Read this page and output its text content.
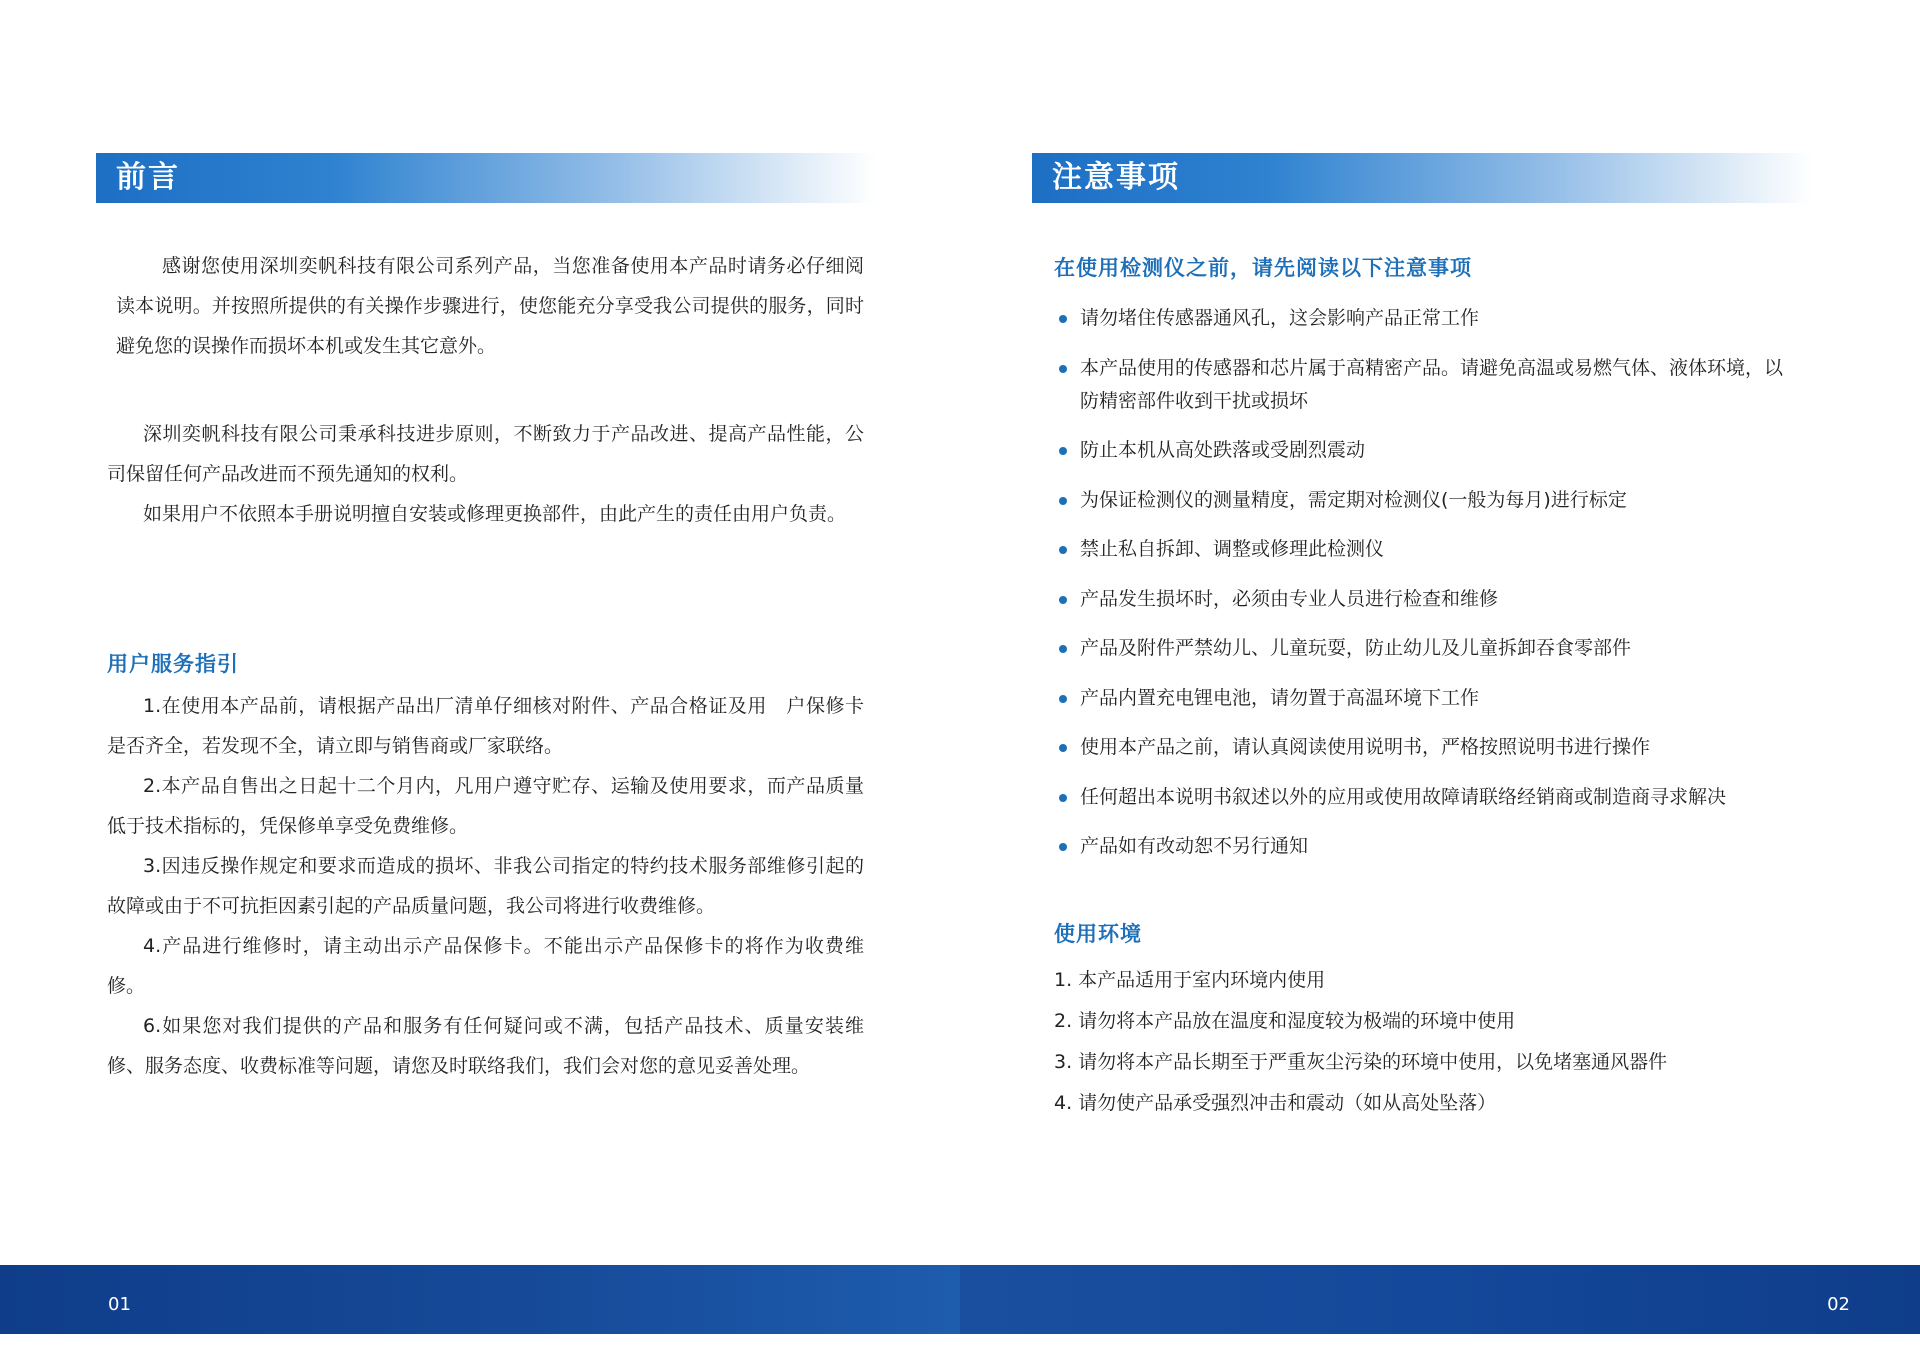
前言

感谢您使用深圳奕帆科技有限公司系列产品，当您准备使用本产品时请务必仔细阅读本说明。并按照所提供的有关操作步骤进行，使您能充分享受我公司提供的服务，同时避免您的误操作而损坏本机或发生其它意外。

深圳奕帆科技有限公司秉承科技进步原则，不断致力于产品改进、提高产品性能，公司保留任何产品改进而不预先通知的权利。

如果用户不依照本手册说明擅自安装或修理更换部件，由此产生的责任由用户负责。

用户服务指引

1.在使用本产品前，请根据产品出厂清单仔细核对附件、产品合格证及用　户保修卡是否齐全，若发现不全，请立即与销售商或厂家联络。

2.本产品自售出之日起十二个月内，凡用户遵守贮存、运输及使用要求，而产品质量低于技术指标的，凭保修单享受免费维修。

3.因违反操作规定和要求而造成的损坏、非我公司指定的特约技术服务部维修引起的故障或由于不可抗拒因素引起的产品质量问题，我公司将进行收费维修。

4.产品进行维修时，请主动出示产品保修卡。不能出示产品保修卡的将作为收费维修。

6.如果您对我们提供的产品和服务有任何疑问或不满，包括产品技术、质量安装维修、服务态度、收费标准等问题，请您及时联络我们，我们会对您的意见妥善处理。

01
注意事项
在使用检测仪之前，请先阅读以下注意事项
请勿堵住传感器通风孔，这会影响产品正常工作
本产品使用的传感器和芯片属于高精密产品。请避免高温或易燃气体、液体环境，以防精密部件收到干扰或损坏
防止本机从高处跌落或受剧烈震动
为保证检测仪的测量精度，需定期对检测仪(一般为每月)进行标定
禁止私自拆卸、调整或修理此检测仪
产品发生损坏时，必须由专业人员进行检查和维修
产品及附件严禁幼儿、儿童玩耍，防止幼儿及儿童拆卸吞食零部件
产品内置充电锂电池，请勿置于高温环境下工作
使用本产品之前，请认真阅读使用说明书，严格按照说明书进行操作
任何超出本说明书叙述以外的应用或使用故障请联络经销商或制造商寻求解决
产品如有改动恕不另行通知
使用环境
1. 本产品适用于室内环境内使用
2. 请勿将本产品放在温度和湿度较为极端的环境中使用
3. 请勿将本产品长期至于严重灰尘污染的环境中使用，以免堵塞通风器件
4. 请勿使产品承受强烈冲击和震动（如从高处坠落）
02
